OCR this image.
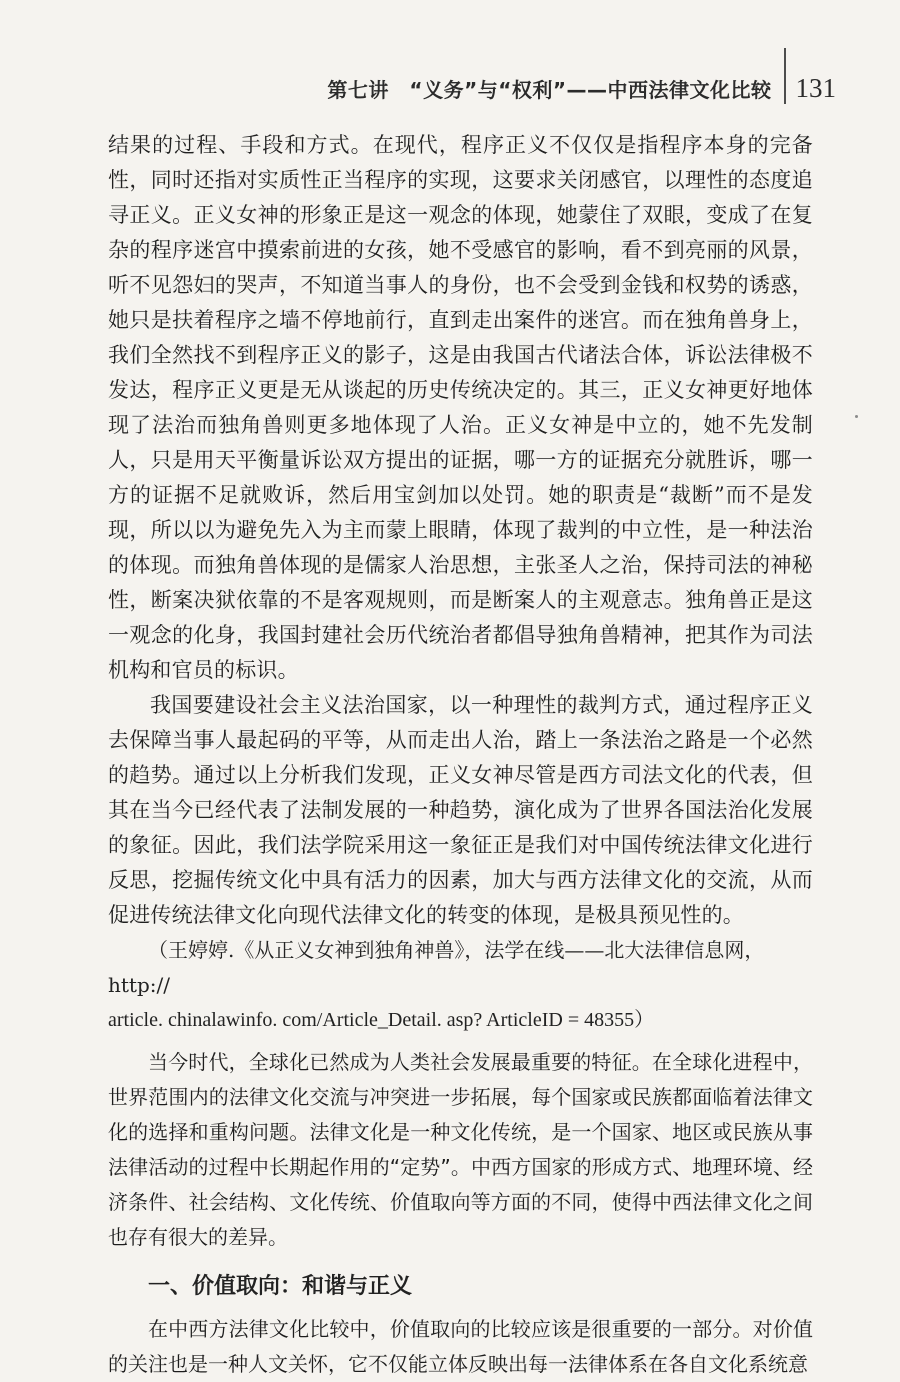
第七讲　“义务”与“权利”——中西法律文化比较 131

结果的过程、手段和方式。在现代，程序正义不仅仅是指程序本身的完备性，同时还指对实质性正当程序的实现，这要求关闭感官，以理性的态度追寻正义。正义女神的形象正是这一观念的体现，她蒙住了双眼，变成了在复杂的程序迷宫中摸索前进的女孩，她不受感官的影响，看不到亮丽的风景，听不见怨妇的哭声，不知道当事人的身份，也不会受到金钱和权势的诱惑，她只是扶着程序之墙不停地前行，直到走出案件的迷宫。而在独角兽身上，我们全然找不到程序正义的影子，这是由我国古代诸法合体，诉讼法律极不发达，程序正义更是无从谈起的历史传统决定的。其三，正义女神更好地体现了法治而独角兽则更多地体现了人治。正义女神是中立的，她不先发制人，只是用天平衡量诉讼双方提出的证据，哪一方的证据充分就胜诉，哪一方的证据不足就败诉，然后用宝剑加以处罚。她的职责是“裁断”而不是发现，所以以为避免先入为主而蒙上眼睛，体现了裁判的中立性，是一种法治的体现。而独角兽体现的是儒家人治思想，主张圣人之治，保持司法的神秘性，断案决狱依靠的不是客观规则，而是断案人的主观意志。独角兽正是这一观念的化身，我国封建社会历代统治者都倡导独角兽精神，把其作为司法机构和官员的标识。

我国要建设社会主义法治国家，以一种理性的裁判方式，通过程序正义去保障当事人最起码的平等，从而走出人治，踏上一条法治之路是一个必然的趋势。通过以上分析我们发现，正义女神尽管是西方司法文化的代表，但其在当今已经代表了法制发展的一种趋势，演化成为了世界各国法治化发展的象征。因此，我们法学院采用这一象征正是我们对中国传统法律文化进行反思，挖掘传统文化中具有活力的因素，加大与西方法律文化的交流，从而促进传统法律文化向现代法律文化的转变的体现，是极具预见性的。

（王婷婷.《从正义女神到独角神兽》，法学在线——北大法律信息网，http://

article. chinalawinfo. com/Article_Detail. asp? ArticleID = 48355）

当今时代，全球化已然成为人类社会发展最重要的特征。在全球化进程中，世界范围内的法律文化交流与冲突进一步拓展，每个国家或民族都面临着法律文化的选择和重构问题。法律文化是一种文化传统，是一个国家、地区或民族从事法律活动的过程中长期起作用的“定势”。中西方国家的形成方式、地理环境、经济条件、社会结构、文化传统、价值取向等方面的不同，使得中西法律文化之间也存有很大的差异。

一、价值取向：和谐与正义

在中西方法律文化比较中，价值取向的比较应该是很重要的一部分。对价值的关注也是一种人文关怀，它不仅能立体反映出每一法律体系在各自文化系统意
